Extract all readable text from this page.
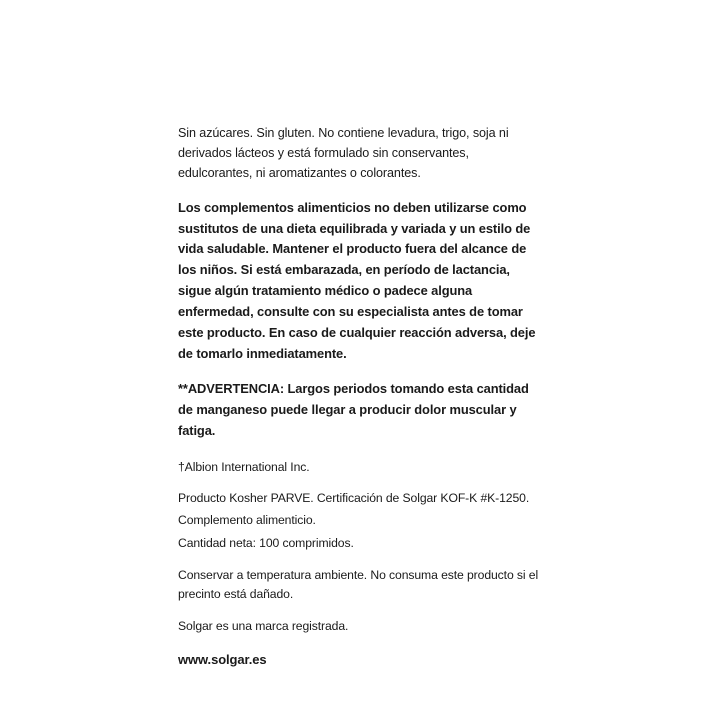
Sin azúcares. Sin gluten. No contiene levadura, trigo, soja ni derivados lácteos y está formulado sin conservantes, edulcorantes, ni aromatizantes o colorantes.

Los complementos alimenticios no deben utilizarse como sustitutos de una dieta equilibrada y variada y un estilo de vida saludable. Mantener el producto fuera del alcance de los niños. Si está embarazada, en período de lactancia, sigue algún tratamiento médico o padece alguna enfermedad, consulte con su especialista antes de tomar este producto. En caso de cualquier reacción adversa, deje de tomarlo inmediatamente.

**ADVERTENCIA: Largos periodos tomando esta cantidad de manganeso puede llegar a producir dolor muscular y fatiga.

†Albion International Inc.

Producto Kosher PARVE. Certificación de Solgar KOF-K #K-1250.

Complemento alimenticio.

Cantidad neta: 100 comprimidos.

Conservar a temperatura ambiente. No consuma este producto si el precinto está dañado.

Solgar es una marca registrada.

www.solgar.es
